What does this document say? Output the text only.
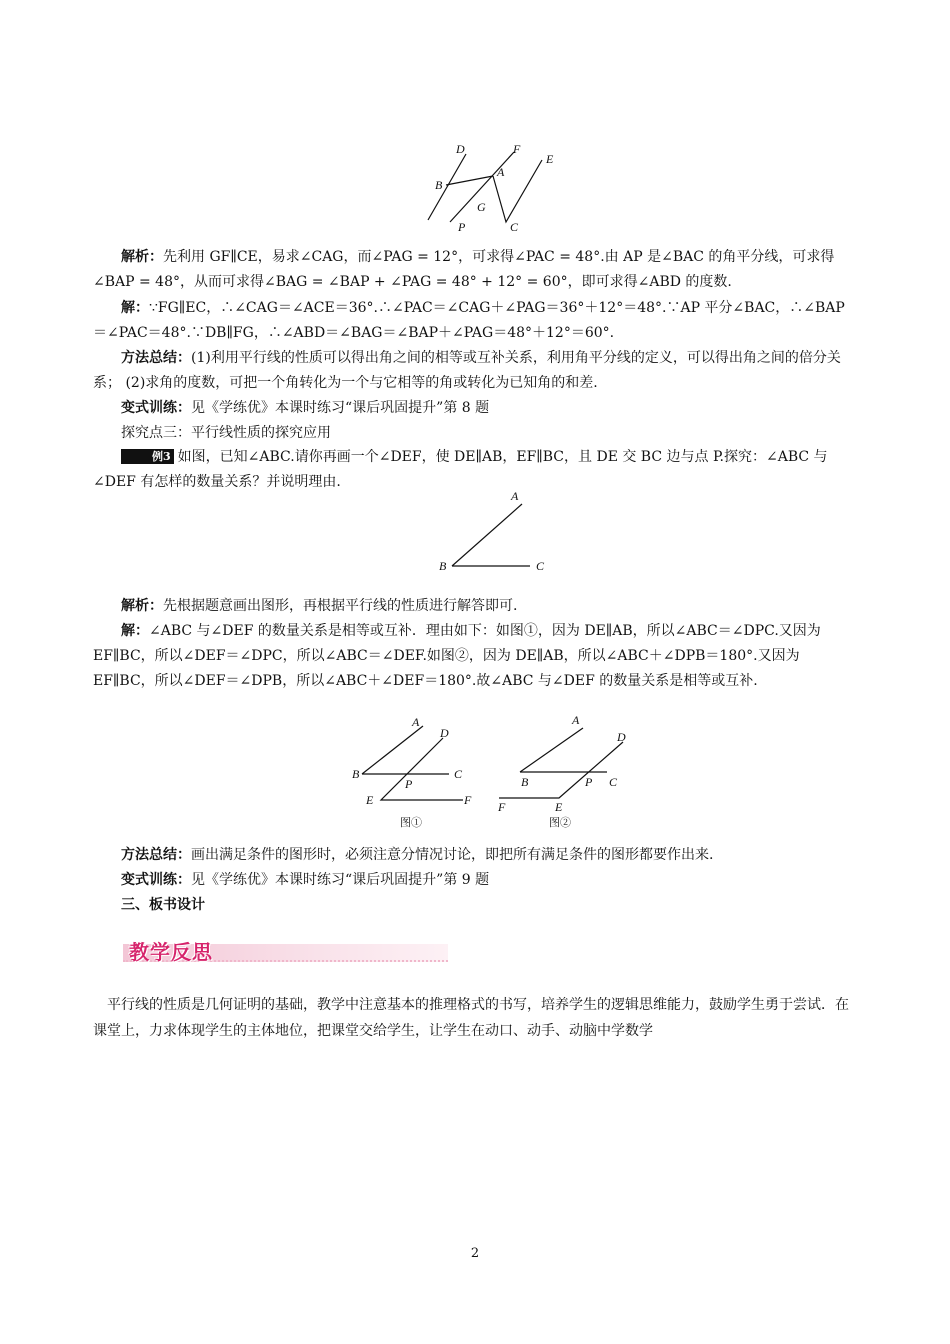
D	F
E
B
A
G
P	C
解析：先利用 GF∥CE，易求∠CAG，而∠PAG = 12°，可求得∠PAC = 48°.由 AP 是∠BAC 的角平分线，可求得∠BAP = 48°，从而可求得∠BAG = ∠BAP + ∠PAG = 48° + 12° = 60°，即可求得∠ABD 的度数.
解：∵FG∥EC，∴∠CAG＝∠ACE＝36°.∴∠PAC＝∠CAG＋∠PAG＝36°＋12°＝48°.∵AP 平分∠BAC，∴∠BAP＝∠PAC＝48°.∵DB∥FG，∴∠ABD＝∠BAG＝∠BAP＋∠PAG＝48°＋12°＝60°.
方法总结：(1)利用平行线的性质可以得出角之间的相等或互补关系，利用角平分线的定义，可以得出角之间的倍分关系； (2)求角的度数，可把一个角转化为一个与它相等的角或转化为已知角的和差.
变式训练：见《学练优》本课时练习“课后巩固提升”第 8 题
探究点三：平行线性质的探究应用
例3 如图，已知∠ABC.请你再画一个∠DEF，使 DE∥AB，EF∥BC，且 DE 交 BC 边与点 P.探究：∠ABC 与∠DEF 有怎样的数量关系？并说明理由.
A
B	C
解析：先根据题意画出图形，再根据平行线的性质进行解答即可.
解：∠ABC 与∠DEF 的数量关系是相等或互补．理由如下：如图①，因为 DE∥AB，所以∠ABC＝∠DPC.又因为 EF∥BC，所以∠DEF＝∠DPC，所以∠ABC＝∠DEF.如图②，因为 DE∥AB，所以∠ABC＋∠DPB＝180°.又因为 EF∥BC，所以∠DEF＝∠DPB，所以∠ABC＋∠DEF＝180°.故∠ABC 与∠DEF 的数量关系是相等或互补.
A
D
B
P
C
E	F
图①
A
D
B	P C
F	E
图②
方法总结：画出满足条件的图形时，必须注意分情况讨论，即把所有满足条件的图形都要作出来.
变式训练：见《学练优》本课时练习“课后巩固提升”第 9 题
三、板书设计
教学反思
平行线的性质是几何证明的基础，教学中注意基本的推理格式的书写，培养学生的逻辑思维能力，鼓励学生勇于尝试．在课堂上，力求体现学生的主体地位，把课堂交给学生，让学生在动口、动手、动脑中学数学
2
